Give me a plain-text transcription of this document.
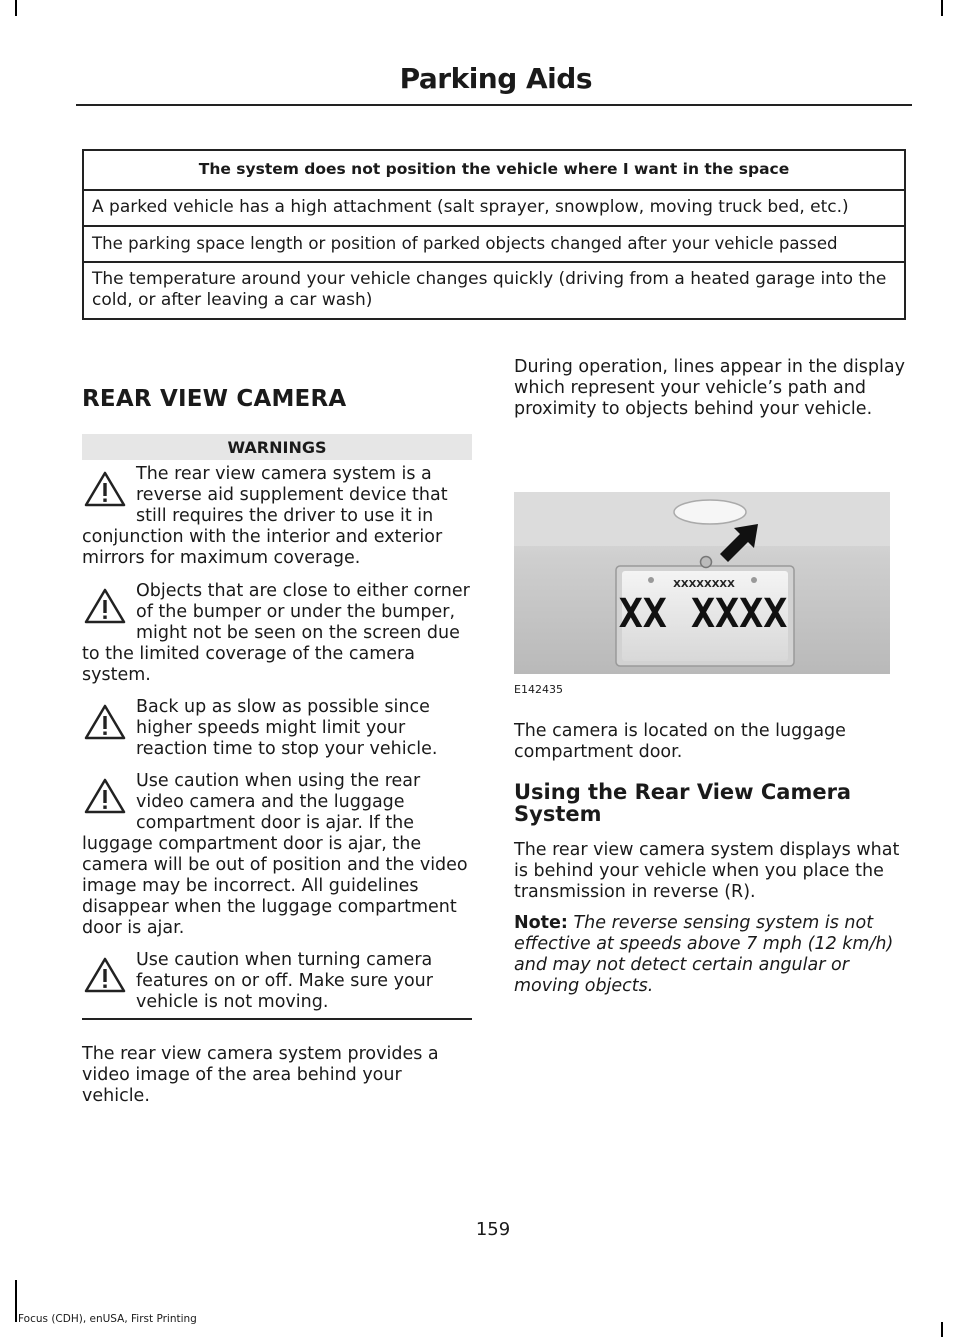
Parking Aids
The system does not position the vehicle where I want in the space
A parked vehicle has a high attachment (salt sprayer, snowplow, moving truck bed, etc.)
The parking space length or position of parked objects changed after your vehicle passed
The temperature around your vehicle changes quickly (driving from a heated garage into the cold, or after leaving a car wash)
REAR VIEW CAMERA
WARNINGS
The rear view camera system is a reverse aid supplement device that still requires the driver to use it in conjunction with the interior and exterior mirrors for maximum coverage.
Objects that are close to either corner of the bumper or under the bumper, might not be seen on the screen due to the limited coverage of the camera system.
Back up as slow as possible since higher speeds might limit your reaction time to stop your vehicle.
Use caution when using the rear video camera and the luggage compartment door is ajar. If the luggage compartment door is ajar, the camera will be out of position and the video image may be incorrect. All guidelines disappear when the luggage compartment door is ajar.
Use caution when turning camera features on or off. Make sure your vehicle is not moving.
The rear view camera system provides a video image of the area behind your vehicle.
During operation, lines appear in the display which represent your vehicle’s path and proximity to objects behind your vehicle.
XXXXXXXX
XX XXXX
E142435
The camera is located on the luggage compartment door.
Using the Rear View Camera System
The rear view camera system displays what is behind your vehicle when you place the transmission in reverse (R).
Note: The reverse sensing system is not effective at speeds above 7 mph (12 km/h) and may not detect certain angular or moving objects.
159
Focus (CDH), enUSA, First Printing
